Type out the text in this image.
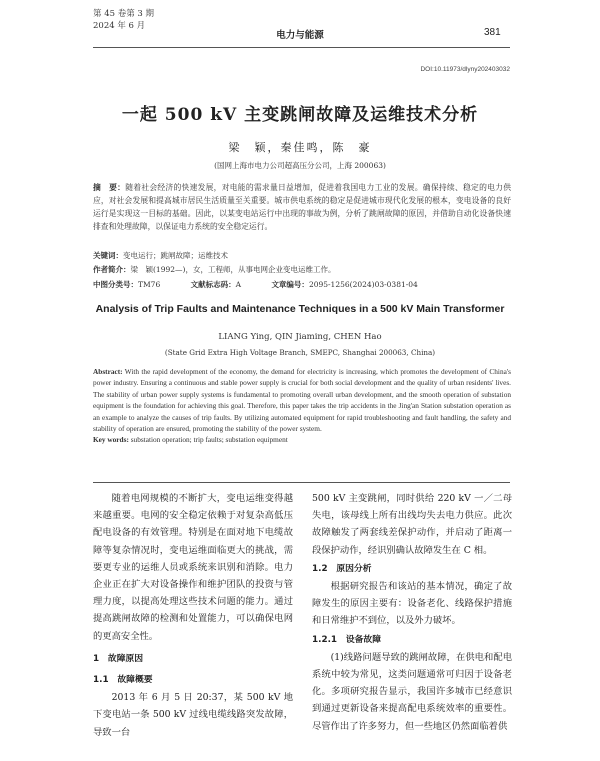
第 45 卷第 3 期
2024 年 6 月
电力与能源	381
DOI:10.11973/dlyny202403032
一起 500 kV 主变跳闸故障及运维技术分析
梁　颖，秦佳鸣，陈　豪
(国网上海市电力公司超高压分公司，上海 200063)
摘　要：随着社会经济的快速发展，对电能的需求量日益增加，促进着我国电力工业的发展。确保持续、稳定的电力供应，对社会发展和提高城市居民生活质量至关重要。城市供电系统的稳定是促进城市现代化发展的根本，变电设备的良好运行是实现这一目标的基础。因此，以某变电站运行中出现的事故为例，分析了跳闸故障的原因，并借助自动化设备快速排查和处理故障，以保证电力系统的安全稳定运行。
关键词：变电运行；跳闸故障；运维技术
作者简介：梁　颖(1992—)，女，工程师，从事电网企业变电运维工作。
中图分类号：TM76	文献标志码：A	文章编号：2095-1256(2024)03-0381-04
Analysis of Trip Faults and Maintenance Techniques in a 500 kV Main Transformer
LIANG Ying, QIN Jiaming, CHEN Hao
(State Grid Extra High Voltage Branch, SMEPC, Shanghai 200063, China)
Abstract: With the rapid development of the economy, the demand for electricity is increasing, which promotes the development of China's power industry. Ensuring a continuous and stable power supply is crucial for both social development and the quality of urban residents' lives. The stability of urban power supply systems is fundamental to promoting overall urban development, and the smooth operation of substation equipment is the foundation for achieving this goal. Therefore, this paper takes the trip accidents in the Jing'an Station substation operation as an example to analyze the causes of trip faults. By utilizing automated equipment for rapid troubleshooting and fault handling, the safety and stability of operation are ensured, promoting the stability of the power system.
Key words: substation operation; trip faults; substation equipment

随着电网规模的不断扩大，变电运维变得越来越重要。电网的安全稳定依赖于对复杂高低压配电设备的有效管理。特别是在面对地下电缆故障等复杂情况时，变电运维面临更大的挑战，需要更专业的运维人员或系统来识别和消除。电力企业正在扩大对设备操作和维护团队的投资与管理力度，以提高处理这些技术问题的能力。通过提高跳闸故障的检测和处置能力，可以确保电网的更高安全性。

1　故障原因

1.1　故障概要

2013 年 6 月 5 日 20:37，某 500 kV 地下变电站一条 500 kV 过线电缆线路突发故障，导致一台

500 kV 主变跳闸，同时供给 220 kV 一／二母失电，该母线上所有出线均失去电力供应。此次故障触发了两套线差保护动作，并启动了距离一段保护动作，经识别确认故障发生在 C 相。

1.2　原因分析

根据研究报告和该站的基本情况，确定了故障发生的原因主要有：设备老化、线路保护措施和日常维护不到位，以及外力破坏。

1.2.1　设备故障

(1)线路问题导致的跳闸故障，在供电和配电系统中较为常见，这类问题通常可归因于设备老化。多项研究报告显示，我国许多城市已经意识到通过更新设备来提高配电系统效率的重要性。尽管作出了许多努力，但一些地区仍然面临着供
